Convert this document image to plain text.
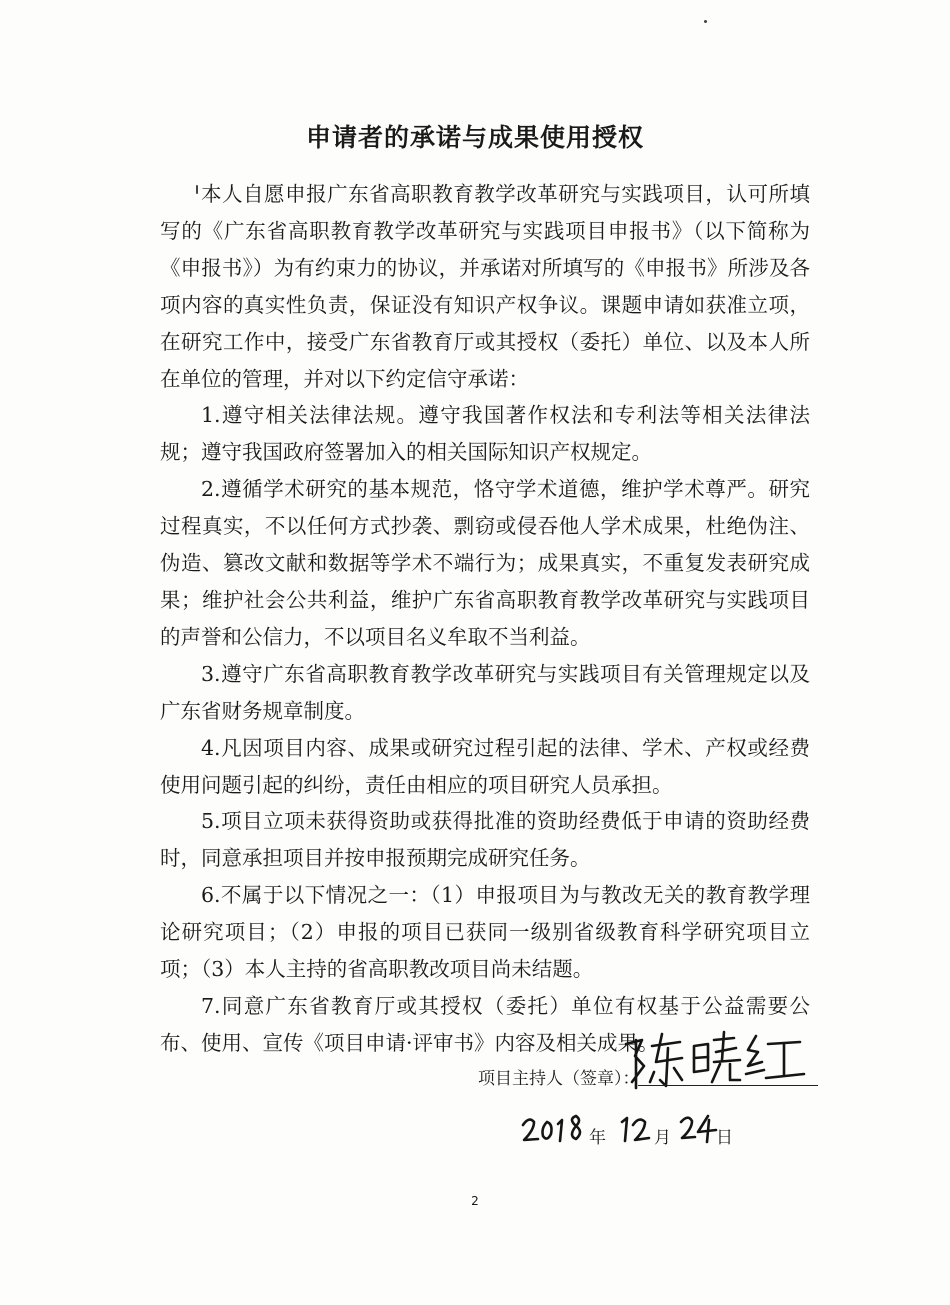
申请者的承诺与成果使用授权

本人自愿申报广东省高职教育教学改革研究与实践项目，认可所填写的《广东省高职教育教学改革研究与实践项目申报书》（以下简称为《申报书》）为有约束力的协议，并承诺对所填写的《申报书》所涉及各项内容的真实性负责，保证没有知识产权争议。课题申请如获准立项，在研究工作中，接受广东省教育厅或其授权（委托）单位、以及本人所在单位的管理，并对以下约定信守承诺：

1.遵守相关法律法规。遵守我国著作权法和专利法等相关法律法规；遵守我国政府签署加入的相关国际知识产权规定。

2.遵循学术研究的基本规范，恪守学术道德，维护学术尊严。研究过程真实，不以任何方式抄袭、剽窃或侵吞他人学术成果，杜绝伪注、伪造、篡改文献和数据等学术不端行为；成果真实，不重复发表研究成果；维护社会公共利益，维护广东省高职教育教学改革研究与实践项目的声誉和公信力，不以项目名义牟取不当利益。

3.遵守广东省高职教育教学改革研究与实践项目有关管理规定以及广东省财务规章制度。

4.凡因项目内容、成果或研究过程引起的法律、学术、产权或经费使用问题引起的纠纷，责任由相应的项目研究人员承担。

5.项目立项未获得资助或获得批准的资助经费低于申请的资助经费时，同意承担项目并按申报预期完成研究任务。

6.不属于以下情况之一：（1）申报项目为与教改无关的教育教学理论研究项目；（2）申报的项目已获同一级别省级教育科学研究项目立项；（3）本人主持的省高职教改项目尚未结题。

7.同意广东省教育厅或其授权（委托）单位有权基于公益需要公布、使用、宣传《项目申请·评审书》内容及相关成果。

项目主持人（签章）：
年	月	日
2
